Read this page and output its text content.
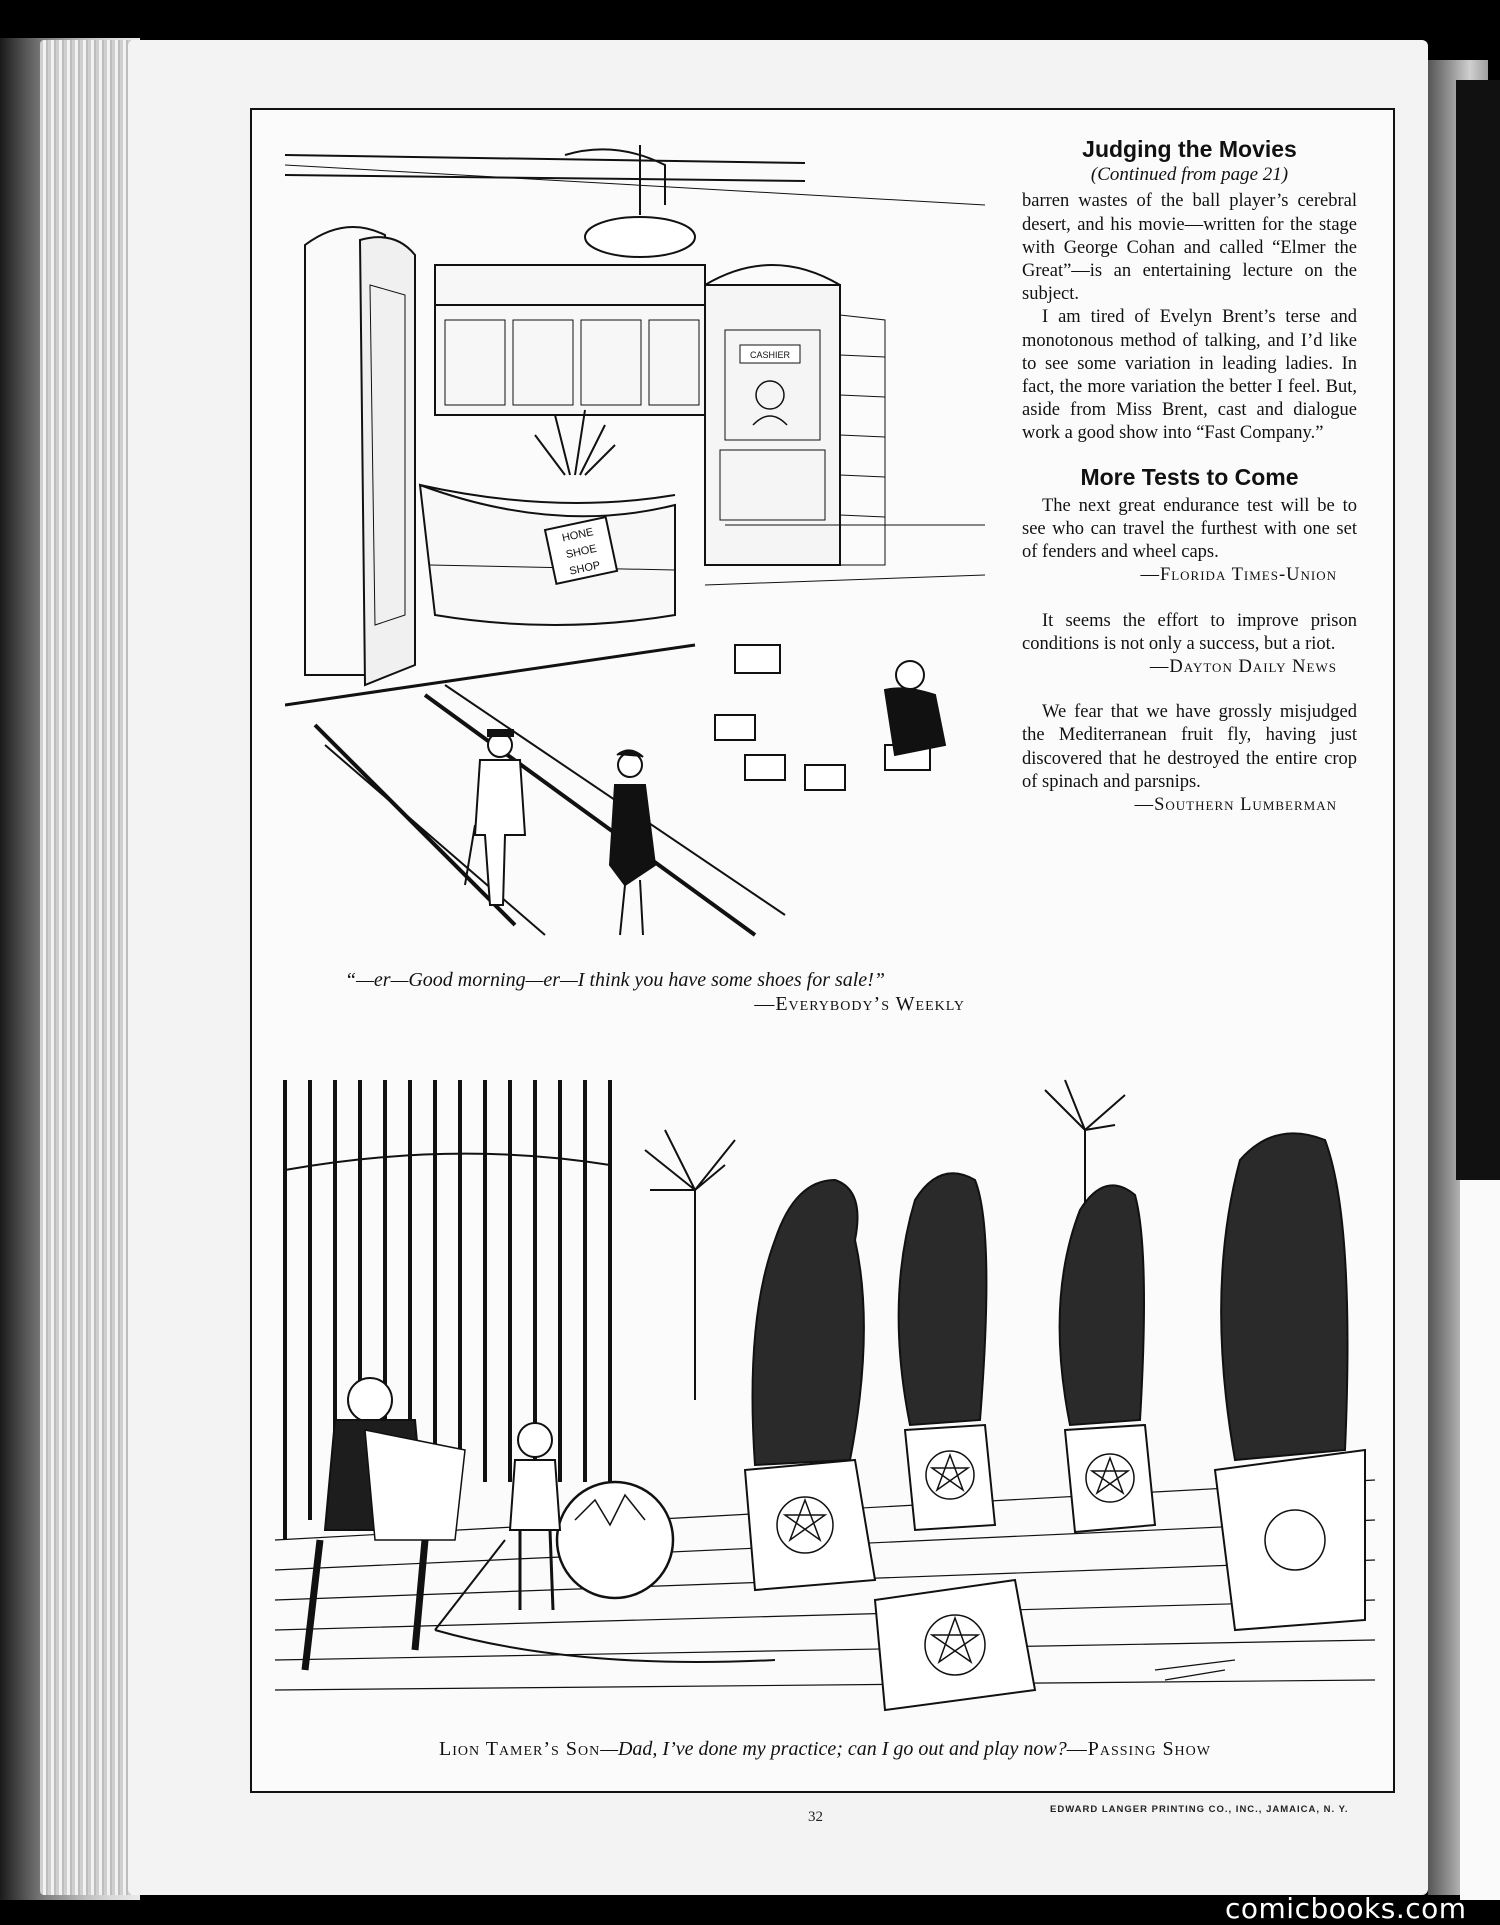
HONE
SHOE
SHOP
CASHIER
“—er—Good morning—er—I think you have some shoes for sale!”
—Everybody’s Weekly
Judging the Movies
(Continued from page 21)

barren wastes of the ball player’s cerebral desert, and his movie—written for the stage with George Cohan and called “Elmer the Great”—is an entertaining lecture on the subject.

I am tired of Evelyn Brent’s terse and monotonous method of talking, and I’d like to see some variation in leading ladies. In fact, the more variation the better I feel. But, aside from Miss Brent, cast and dialogue work a good show into “Fast Company.”

More Tests to Come

The next great endurance test will be to see who can travel the furthest with one set of fenders and wheel caps.

—Florida Times-Union

It seems the effort to improve prison conditions is not only a success, but a riot.

—Dayton Daily News

We fear that we have grossly misjudged the Mediterranean fruit fly, having just discovered that he destroyed the entire crop of spinach and parsnips.

—Southern Lumberman
Lion Tamer’s Son—Dad, I’ve done my practice; can I go out and play now?—Passing Show
32	EDWARD LANGER PRINTING CO., INC., JAMAICA, N. Y.
comicbooks.com
